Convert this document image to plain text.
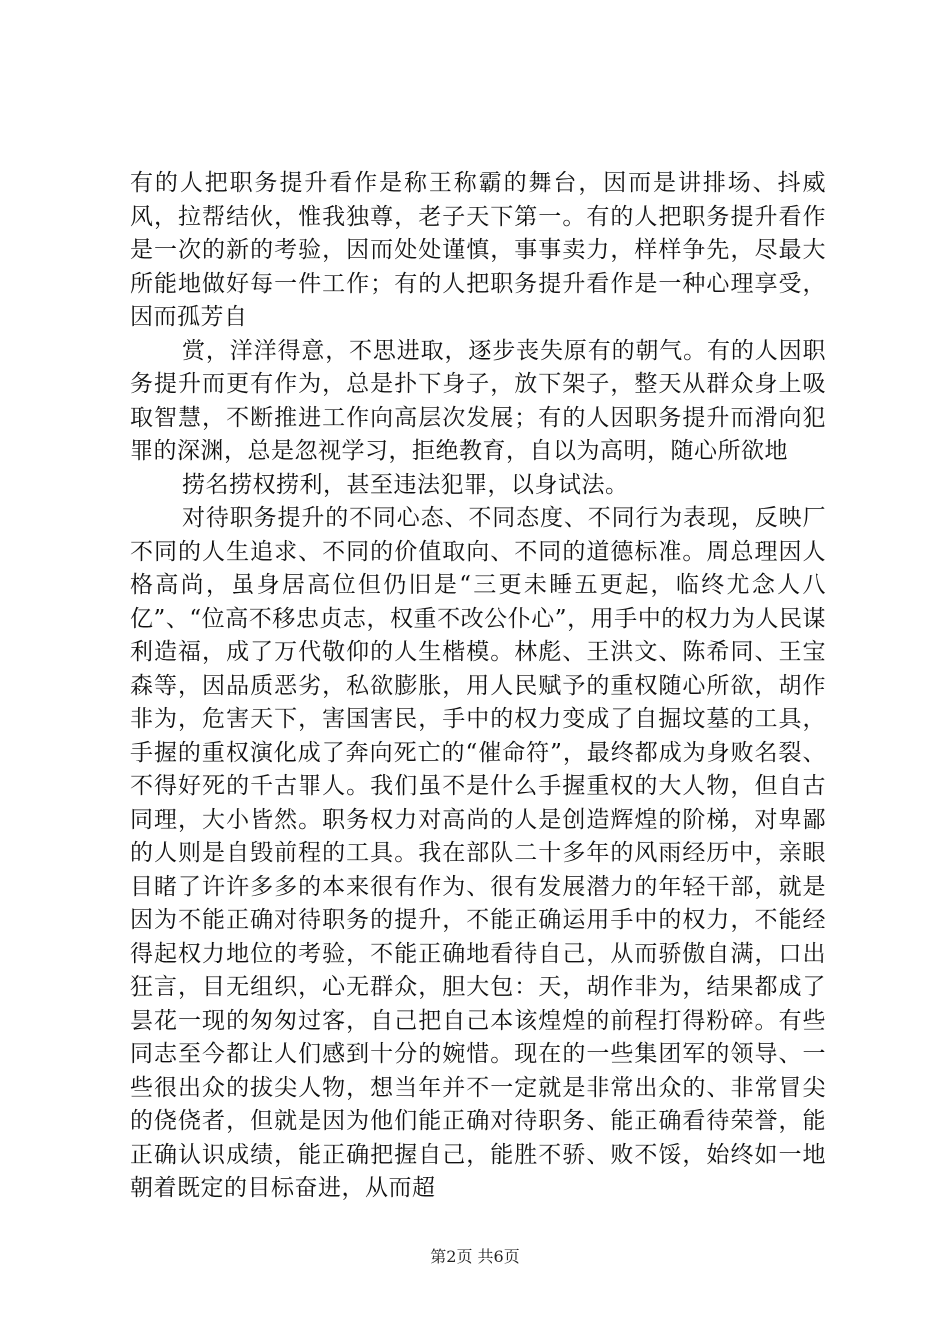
有的人把职务提升看作是称王称霸的舞台，因而是讲排场、抖威风，拉帮结伙，惟我独尊，老子天下第一。有的人把职务提升看作是一次的新的考验，因而处处谨慎，事事卖力，样样争先，尽最大所能地做好每一件工作；有的人把职务提升看作是一种心理享受，因而孤芳自

赏，洋洋得意，不思进取，逐步丧失原有的朝气。有的人因职务提升而更有作为，总是扑下身子，放下架子，整天从群众身上吸取智慧，不断推进工作向高层次发展；有的人因职务提升而滑向犯罪的深渊，总是忽视学习，拒绝教育，自以为高明，随心所欲地

捞名捞权捞利，甚至违法犯罪，以身试法。

对待职务提升的不同心态、不同态度、不同行为表现，反映厂不同的人生追求、不同的价值取向、不同的道德标准。周总理因人格高尚，虽身居高位但仍旧是“三更未睡五更起，临终尤念人八亿”、“位高不移忠贞志，权重不改公仆心”，用手中的权力为人民谋利造福，成了万代敬仰的人生楷模。林彪、王洪文、陈希同、王宝森等，因品质恶劣，私欲膨胀，用人民赋予的重权随心所欲，胡作非为，危害天下，害国害民，手中的权力变成了自掘坟墓的工具，手握的重权演化成了奔向死亡的“催命符”，最终都成为身败名裂、不得好死的千古罪人。我们虽不是什么手握重权的大人物，但自古同理，大小皆然。职务权力对高尚的人是创造辉煌的阶梯，对卑鄙的人则是自毁前程的工具。我在部队二十多年的风雨经历中，亲眼目睹了许许多多的本来很有作为、很有发展潜力的年轻干部，就是因为不能正确对待职务的提升，不能正确运用手中的权力，不能经得起权力地位的考验，不能正确地看待自己，从而骄傲自满，口出狂言，目无组织，心无群众，胆大包：天，胡作非为，结果都成了昙花一现的匆匆过客，自己把自己本该煌煌的前程打得粉碎。有些同志至今都让人们感到十分的婉惜。现在的一些集团军的领导、一些很出众的拔尖人物，想当年并不一定就是非常出众的、非常冒尖的侥侥者，但就是因为他们能正确对待职务、能正确看待荣誉，能正确认识成绩，能正确把握自己，能胜不骄、败不馁，始终如一地朝着既定的目标奋进，从而超

第2页 共6页
